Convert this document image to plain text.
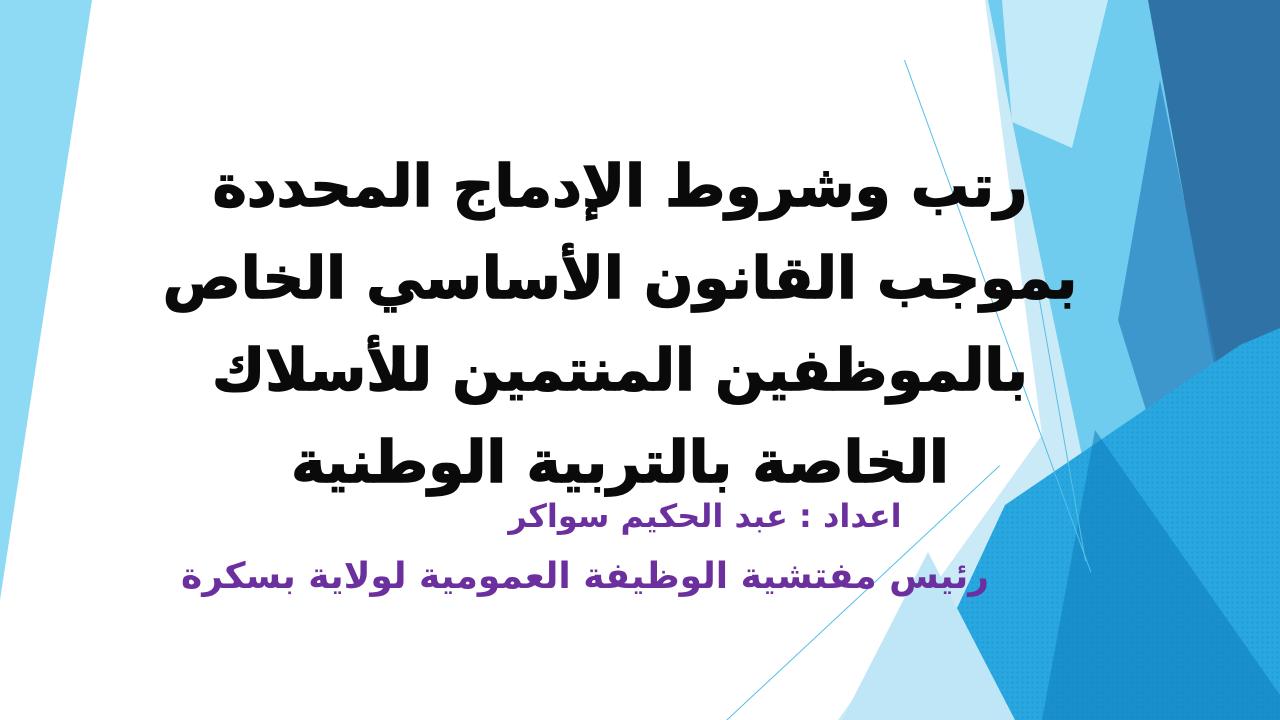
رتب وشروط الإدماج المحددة
بموجب القانون الأساسي الخاص
بالموظفين المنتمين للأسلاك
الخاصة بالتربية الوطنية
اعداد : عبد الحكيم سواكر
رئيس مفتشية الوظيفة العمومية لولاية بسكرة
